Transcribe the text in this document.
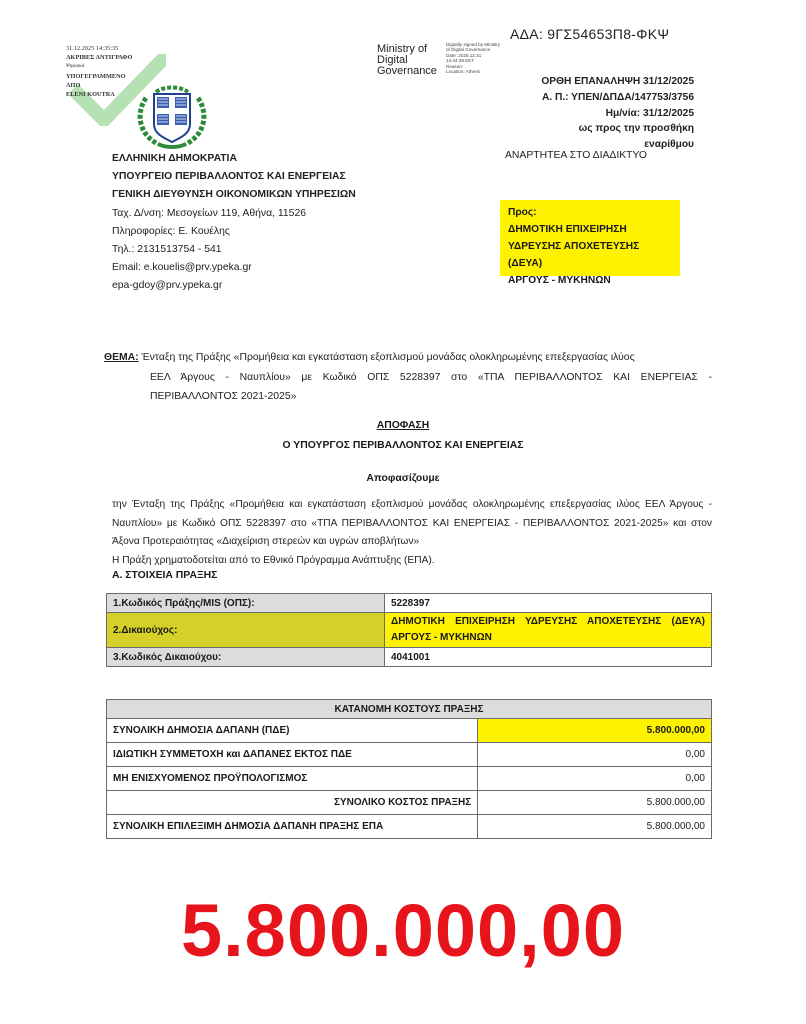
31.12.2025 14:35:35
ΑΚΡΙΒΕΣ ΑΝΤΙΓΡΑΦΟ
Ψηφιακά
ΥΠΟΓΕΓΡΑΜΜΕΝΟ
ΑΠΟ
ELENI KOUTRA
Ministry of
Digital
Governance
Digitally signed by Ministry
of Digital Governance
Date: 2025.12.31
14:44:39 EET
Reason:
Location: Athens
ΑΔΑ: 9ΓΣ54653Π8-ΦΚΨ
ΟΡΘΗ ΕΠΑΝΑΛΗΨΗ 31/12/2025
Α. Π.: ΥΠΕΝ/ΔΠΔΑ/147753/3756
Ημ/νία: 31/12/2025
ως προς την προσθήκη
εναρίθμου
ΕΛΛΗΝΙΚΗ ΔΗΜΟΚΡΑΤΙΑ
ΥΠΟΥΡΓΕΙΟ ΠΕΡΙΒΑΛΛΟΝΤΟΣ ΚΑΙ ΕΝΕΡΓΕΙΑΣ
ΓΕΝΙΚΗ ΔΙΕΥΘΥΝΣΗ ΟΙΚΟΝΟΜΙΚΩΝ ΥΠΗΡΕΣΙΩΝ
Ταχ. Δ/νση: Μεσογείων 119, Αθήνα, 11526
Πληροφορίες: Ε. Κουέλης
Τηλ.: 2131513754 - 541
Email: e.kouelis@prv.ypeka.gr
epa-gdoy@prv.ypeka.gr
ΑΝΑΡΤΗΤΕΑ ΣΤΟ ΔΙΑΔΙΚΤΥΟ
Προς:
ΔΗΜΟΤΙΚΗ ΕΠΙΧΕΙΡΗΣΗ
ΥΔΡΕΥΣΗΣ ΑΠΟΧΕΤΕΥΣΗΣ (ΔΕΥΑ)
ΑΡΓΟΥΣ - ΜΥΚΗΝΩΝ
ΘΕΜΑ: Ένταξη της Πράξης «Προμήθεια και εγκατάσταση εξοπλισμού μονάδας ολοκληρωμένης επεξεργασίας ιλύος
ΕΕΛ Άργους - Ναυπλίου» με Κωδικό ΟΠΣ 5228397 στο «ΤΠΑ ΠΕΡΙΒΑΛΛΟΝΤΟΣ ΚΑΙ ΕΝΕΡΓΕΙΑΣ -
ΠΕΡΙΒΑΛΛΟΝΤΟΣ 2021-2025»
ΑΠΟΦΑΣΗ
Ο ΥΠΟΥΡΓΟΣ ΠΕΡΙΒΑΛΛΟΝΤΟΣ ΚΑΙ ΕΝΕΡΓΕΙΑΣ
Αποφασίζουμε

την Ένταξη της Πράξης «Προμήθεια και εγκατάσταση εξοπλισμού μονάδας ολοκληρωμένης επεξεργασίας ιλύος ΕΕΛ Άργους - Ναυπλίου» με Κωδικό ΟΠΣ 5228397 στο «ΤΠΑ ΠΕΡΙΒΑΛΛΟΝΤΟΣ ΚΑΙ ΕΝΕΡΓΕΙΑΣ - ΠΕΡΙΒΑΛΛΟΝΤΟΣ 2021-2025» και στον Άξονα Προτεραιότητας «Διαχείριση στερεών και υγρών αποβλήτων»

Η Πράξη χρηματοδοτείται από το Εθνικό Πρόγραμμα Ανάπτυξης (ΕΠΑ).

Α. ΣΤΟΙΧΕΙΑ ΠΡΑΞΗΣ
1.Κωδικός Πράξης/MIS (ΟΠΣ):	5228397
2.Δικαιούχος:	ΔΗΜΟΤΙΚΗ ΕΠΙΧΕΙΡΗΣΗ ΥΔΡΕΥΣΗΣ ΑΠΟΧΕΤΕΥΣΗΣ (ΔΕΥΑ)
ΑΡΓΟΥΣ - ΜΥΚΗΝΩΝ

3.Κωδικός Δικαιούχου:	4041001
ΚΑΤΑΝΟΜΗ ΚΟΣΤΟΥΣ ΠΡΑΞΗΣ	
ΣΥΝΟΛΙΚΗ ΔΗΜΟΣΙΑ ΔΑΠΑΝΗ (ΠΔΕ)	5.800.000,00
ΙΔΙΩΤΙΚΗ ΣΥΜΜΕΤΟΧΗ και ΔΑΠΑΝΕΣ ΕΚΤΟΣ ΠΔΕ	0,00
ΜΗ ΕΝΙΣΧΥΟΜΕΝΟΣ ΠΡΟΫΠΟΛΟΓΙΣΜΟΣ	0,00
ΣΥΝΟΛΙΚΟ ΚΟΣΤΟΣ ΠΡΑΞΗΣ	5.800.000,00
ΣΥΝΟΛΙΚΗ ΕΠΙΛΕΞΙΜΗ ΔΗΜΟΣΙΑ ΔΑΠΑΝΗ ΠΡΑΞΗΣ ΕΠΑ	5.800.000,00
5.800.000,00
